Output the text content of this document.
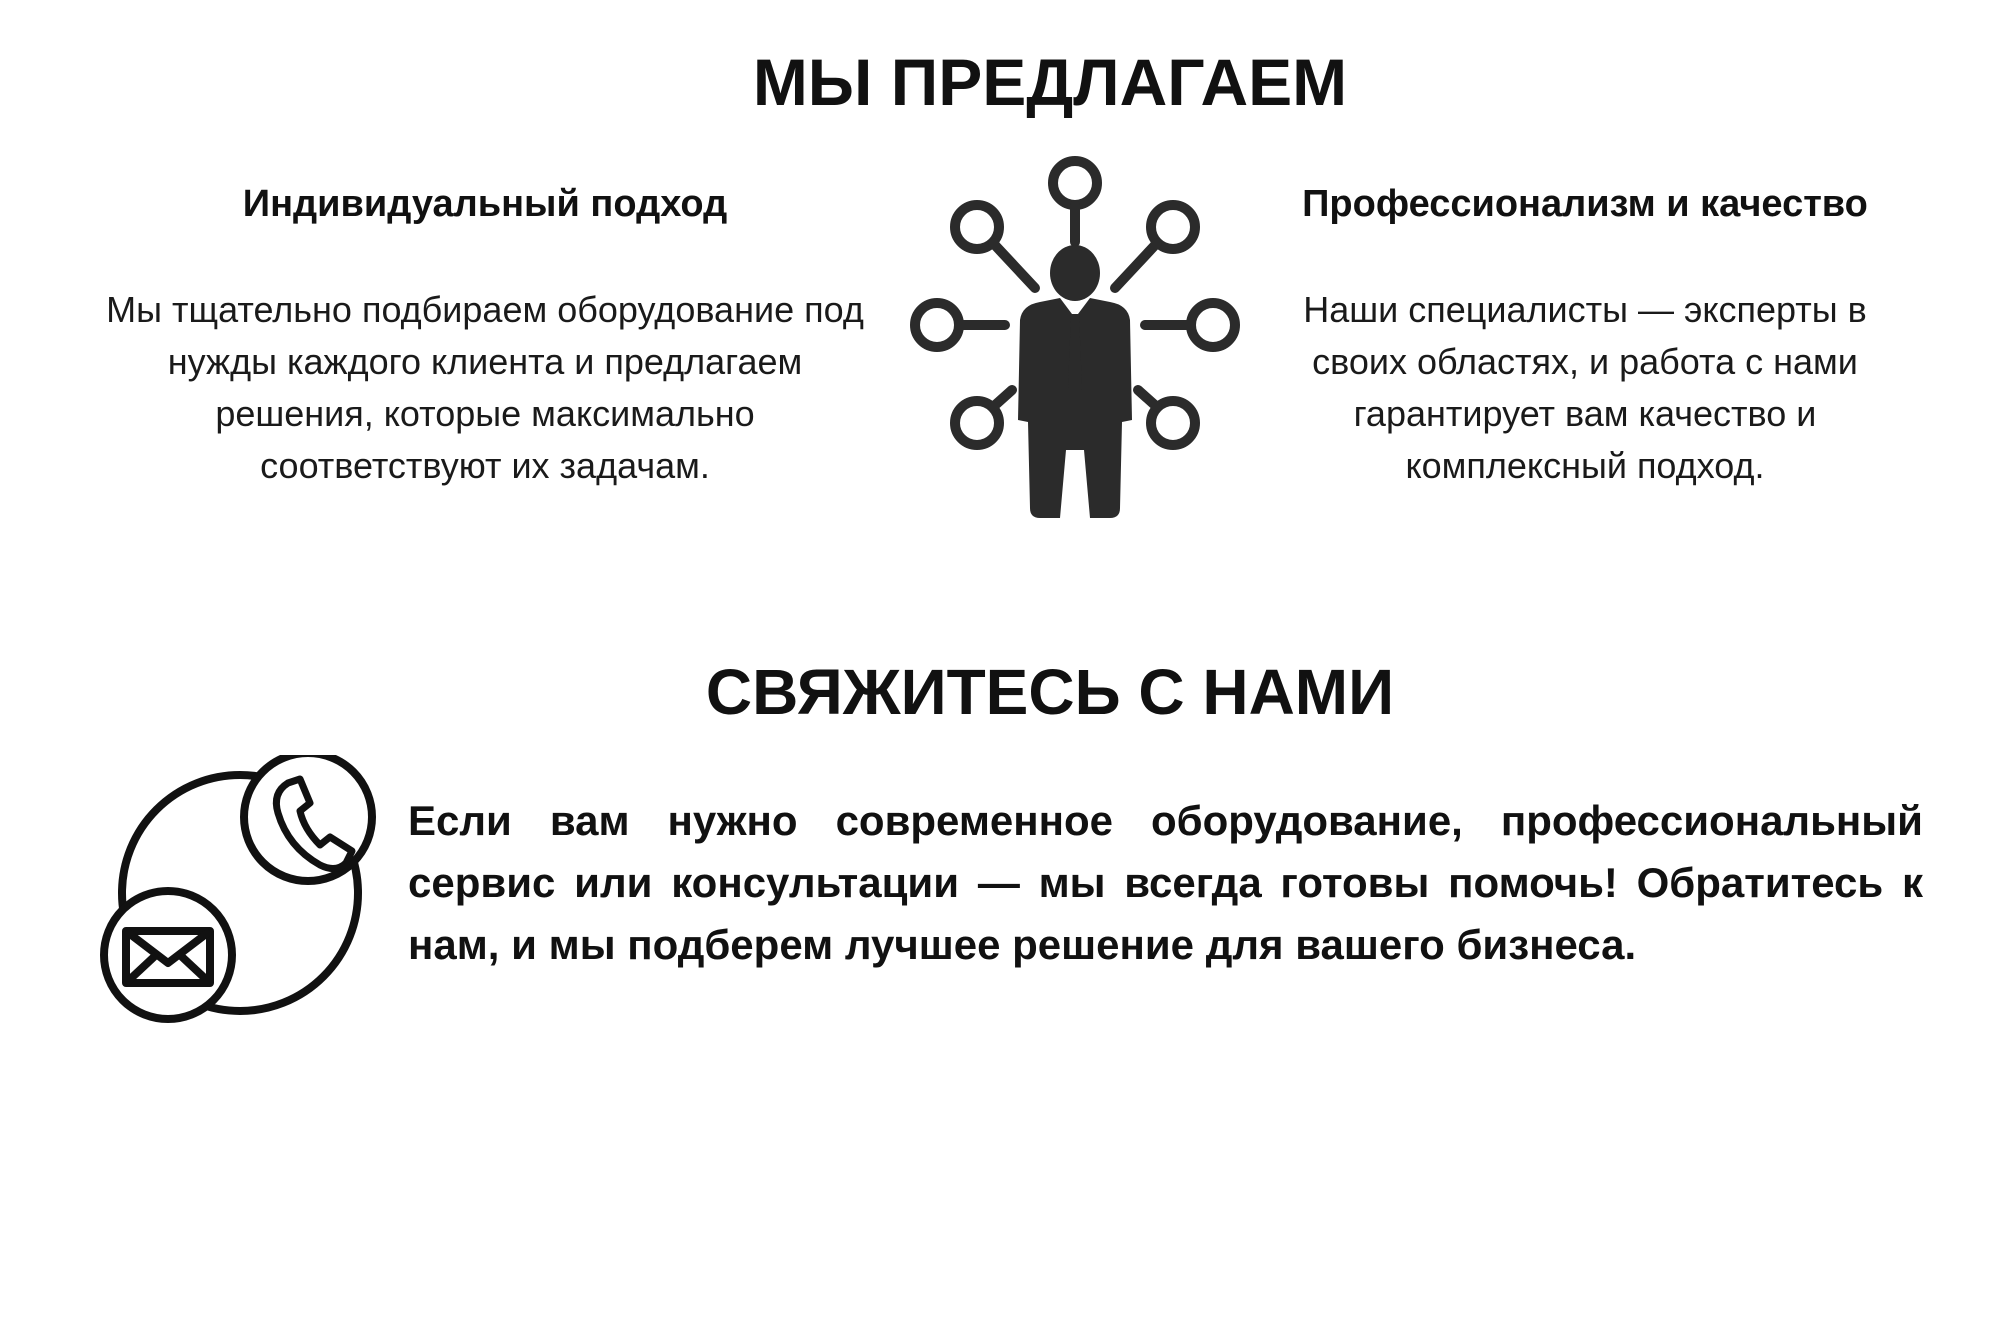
МЫ ПРЕДЛАГАЕМ
Индивидуальный подход

Мы тщательно подбираем оборудование под нужды каждого клиента и предлагаем решения, которые максимально соответствуют их задачам.

Профессионализм и качество

Наши специалисты — эксперты в своих областях, и работа с нами гарантирует вам качество и комплексный подход.

СВЯЖИТЕСЬ С НАМИ

Если вам нужно современное оборудование, профессиональный сервис или консультации — мы всегда готовы помочь! Обратитесь к нам, и мы подберем лучшее решение для вашего бизнеса.
